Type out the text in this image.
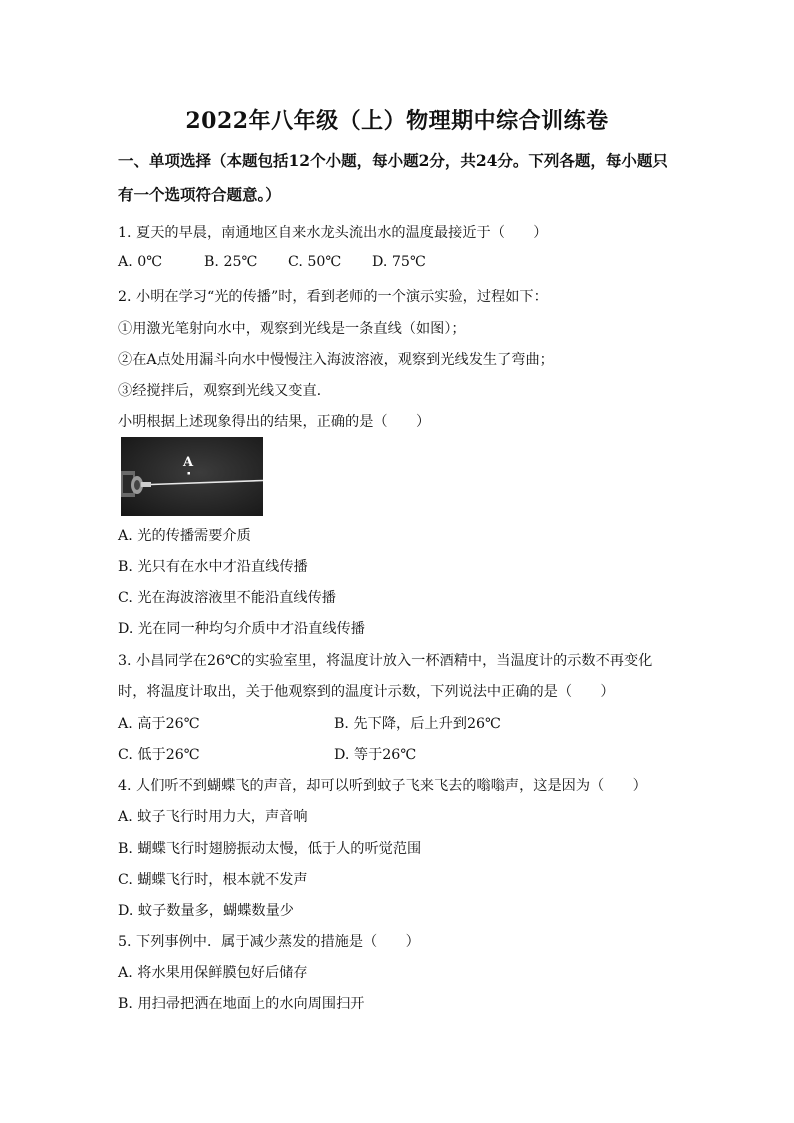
2022年八年级（上）物理期中综合训练卷
一、单项选择（本题包括12个小题，每小题2分，共24分。下列各题，每小题只有一个选项符合题意。）
1. 夏天的早晨，南通地区自来水龙头流出水的温度最接近于（　　）
A. 0℃	B. 25℃ C. 50℃ D. 75℃
2. 小明在学习“光的传播”时，看到老师的一个演示实验，过程如下：
①用激光笔射向水中，观察到光线是一条直线（如图）；
②在A点处用漏斗向水中慢慢注入海波溶液，观察到光线发生了弯曲；
③经搅拌后，观察到光线又变直.
小明根据上述现象得出的结果，正确的是（　　）
A
A. 光的传播需要介质
B. 光只有在水中才沿直线传播
C. 光在海波溶液里不能沿直线传播
D. 光在同一种均匀介质中才沿直线传播
3. 小昌同学在26℃的实验室里，将温度计放入一杯酒精中，当温度计的示数不再变化
时，将温度计取出，关于他观察到的温度计示数，下列说法中正确的是（　　）
A. 高于26℃	B. 先下降，后上升到26℃
C. 低于26℃	D. 等于26℃
4. 人们听不到蝴蝶飞的声音，却可以听到蚊子飞来飞去的嗡嗡声，这是因为（　　）
A. 蚊子飞行时用力大，声音响
B. 蝴蝶飞行时翅膀振动太慢，低于人的听觉范围
C. 蝴蝶飞行时，根本就不发声
D. 蚊子数量多，蝴蝶数量少
5. 下列事例中．属于减少蒸发的措施是（　　）
A. 将水果用保鲜膜包好后储存
B. 用扫帚把洒在地面上的水向周围扫开
